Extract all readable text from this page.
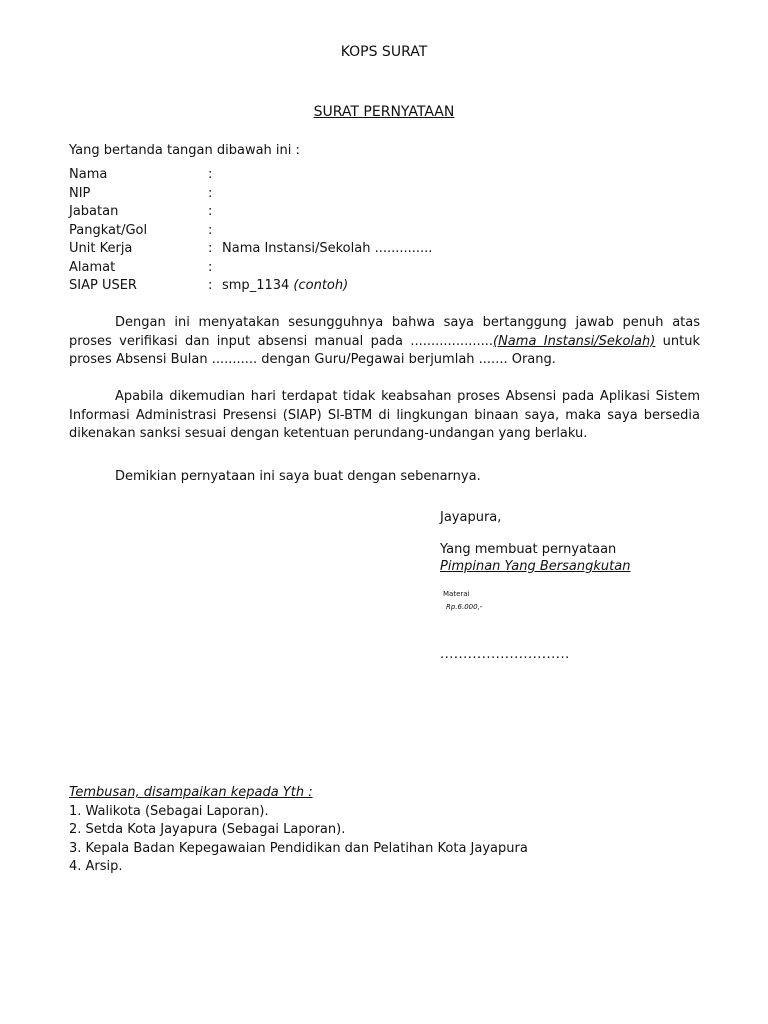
KOPS SURAT
SURAT PERNYATAAN
Yang bertanda tangan dibawah ini :
Nama	:
NIP	:
Jabatan	:
Pangkat/Gol	:
Unit Kerja	: Nama Instansi/Sekolah ..............
Alamat	:
SIAP USER	: smp_1134 (contoh)
Dengan ini menyatakan sesungguhnya bahwa saya bertanggung jawab penuh atas proses verifikasi dan input absensi manual pada ....................(Nama Instansi/Sekolah) untuk proses Absensi Bulan ........... dengan Guru/Pegawai berjumlah ....... Orang.
Apabila dikemudian hari terdapat tidak keabsahan proses Absensi pada Aplikasi Sistem Informasi Administrasi Presensi (SIAP) SI-BTM di lingkungan binaan saya, maka saya bersedia dikenakan sanksi sesuai dengan ketentuan perundang-undangan yang berlaku.
Demikian pernyataan ini saya buat dengan sebenarnya.
Jayapura,
Yang membuat pernyataan
Pimpinan Yang Bersangkutan
Materai
Rp.6.000,-
............................
Tembusan, disampaikan kepada Yth :
1. Walikota (Sebagai Laporan).
2. Setda Kota Jayapura (Sebagai Laporan).
3. Kepala Badan Kepegawaian Pendidikan dan Pelatihan Kota Jayapura
4. Arsip.
